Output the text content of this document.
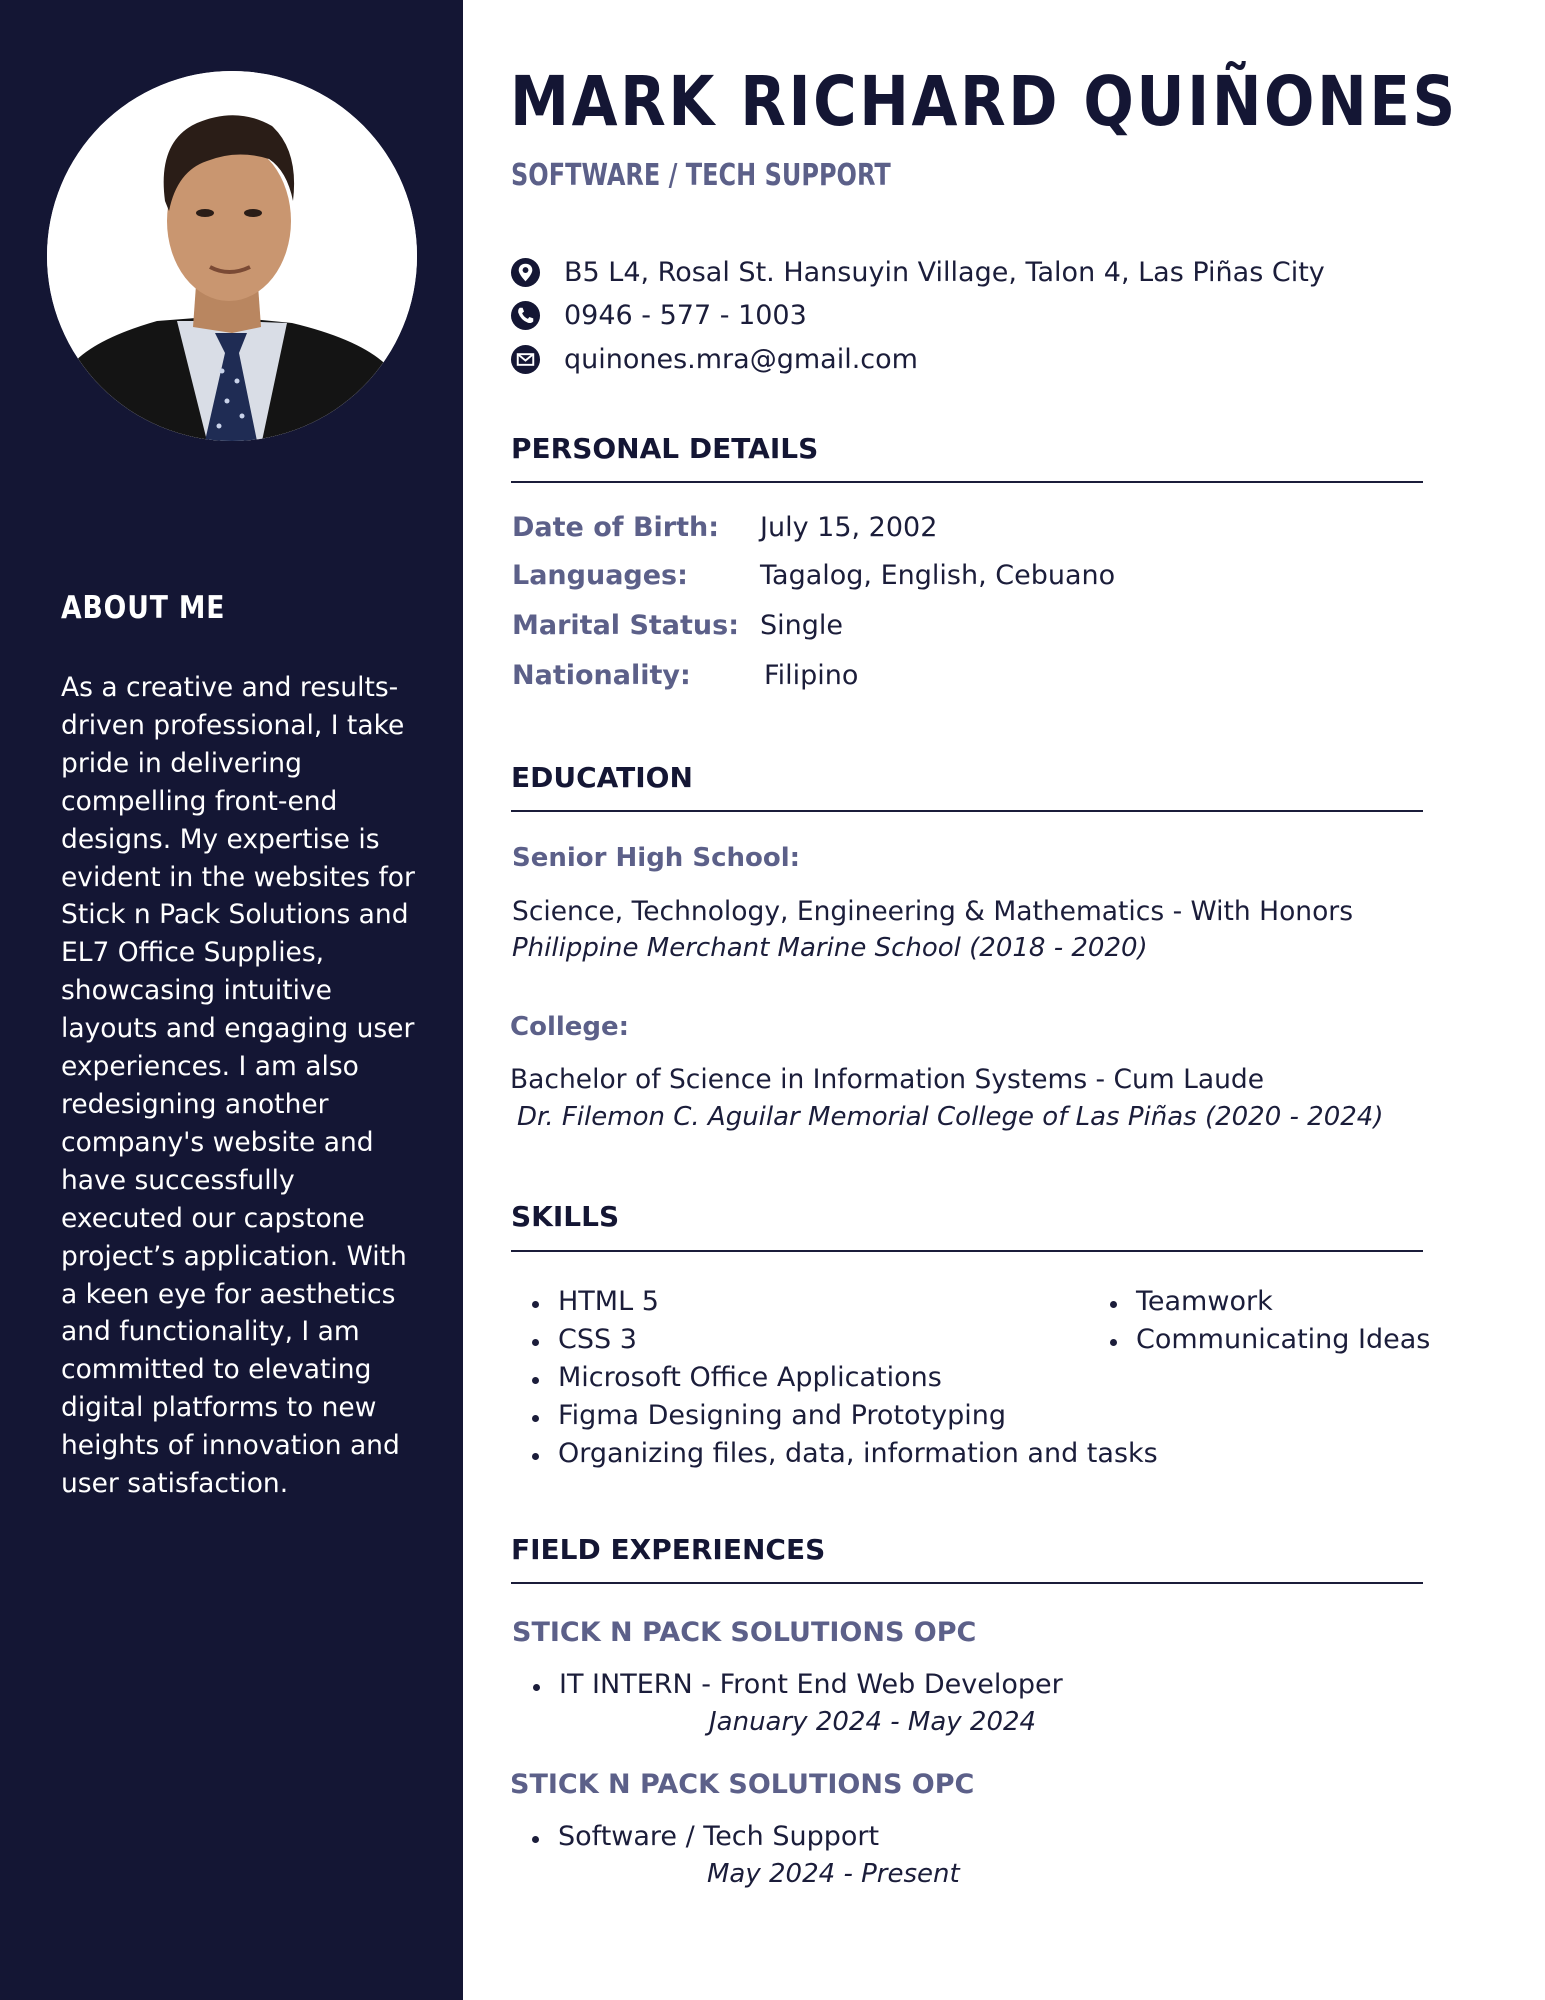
ABOUT ME

As a creative and results-driven professional, I take pride in delivering compelling front-end designs. My expertise is evident in the websites for Stick n Pack Solutions and EL7 Office Supplies, showcasing intuitive layouts and engaging user experiences. I am also redesigning another company's website and have successfully executed our capstone project’s application. With a keen eye for aesthetics and functionality, I am committed to elevating digital platforms to new heights of innovation and user satisfaction.

MARK RICHARD QUIÑONES
SOFTWARE / TECH SUPPORT
B5 L4, Rosal St. Hansuyin Village, Talon 4, Las Piñas City
0946 - 577 - 1003
quinones.mra@gmail.com
PERSONAL DETAILS
Date of Birth: July 15, 2002
Languages:	Tagalog, English, Cebuano
Marital Status: Single
Nationality:	Filipino
EDUCATION
Senior High School:
Science, Technology, Engineering & Mathematics - With Honors
Philippine Merchant Marine School (2018 - 2020)
College:
Bachelor of Science in Information Systems - Cum Laude
Dr. Filemon C. Aguilar Memorial College of Las Piñas (2020 - 2024)
SKILLS
HTML 5
CSS 3
Microsoft Office Applications
Figma Designing and Prototyping
Organizing files, data, information and tasks
Teamwork
Communicating Ideas
FIELD EXPERIENCES
STICK N PACK SOLUTIONS OPC
IT INTERN - Front End Web Developer
January 2024 - May 2024
STICK N PACK SOLUTIONS OPC
Software / Tech Support
May 2024 - Present
